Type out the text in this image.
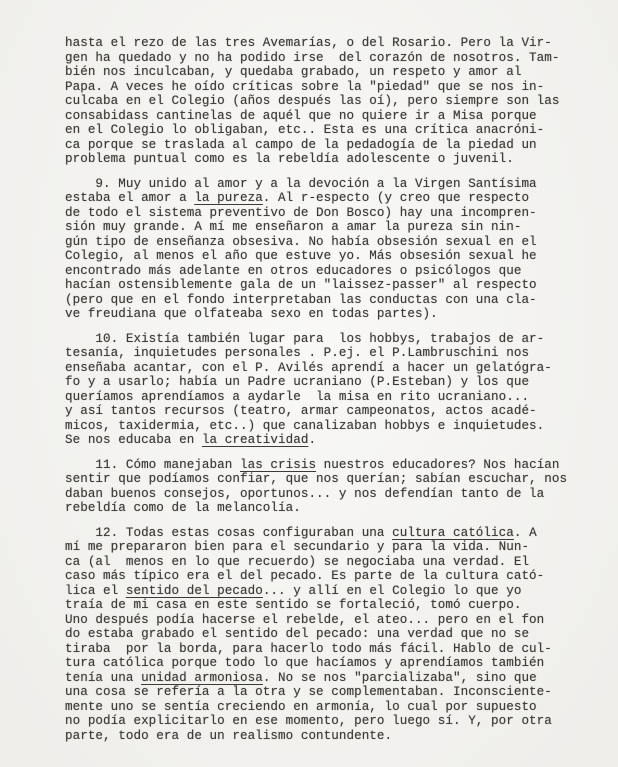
hasta el rezo de las tres Avemarías, o del Rosario. Pero la Vir-
gen ha quedado y no ha podido irse  del corazón de nosotros. Tam-
bién nos inculcaban, y quedaba grabado, un respeto y amor al
Papa. A veces he oído críticas sobre la "piedad" que se nos in-
culcaba en el Colegio (años después las oí), pero siempre son las
consabidass cantinelas de aquél que no quiere ir a Misa porque
en el Colegio lo obligaban, etc.. Esta es una crítica anacróni-
ca porque se traslada al campo de la pedadogía de la piedad un
problema puntual como es la rebeldía adolescente o juvenil.
9. Muy unido al amor y a la devoción a la Virgen Santísima
estaba el amor a la pureza. Al r-especto (y creo que respecto
de todo el sistema preventivo de Don Bosco) hay una incompren-
sión muy grande. A mí me enseñaron a amar la pureza sin nin-
gún tipo de enseñanza obsesiva. No había obsesión sexual en el
Colegio, al menos el año que estuve yo. Más obsesión sexual he
encontrado más adelante en otros educadores o psicólogos que
hacían ostensiblemente gala de un "laissez-passer" al respecto
(pero que en el fondo interpretaban las conductas con una cla-
ve freudiana que olfateaba sexo en todas partes).
10. Existía también lugar para  los hobbys, trabajos de ar-
tesanía, inquietudes personales . P.ej. el P.Lambruschini nos
enseñaba acantar, con el P. Avilés aprendí a hacer un gelatógra-
fo y a usarlo; había un Padre ucraniano (P.Esteban) y los que
queríamos aprendíamos a aydarle  la misa en rito ucraniano...
y así tantos recursos (teatro, armar campeonatos, actos acadé-
micos, taxidermia, etc..) que canalizaban hobbys e inquietudes.
Se nos educaba en la creatividad.
11. Cómo manejaban las crisis nuestros educadores? Nos hacían
sentir que podíamos confiar, que nos querían; sabían escuchar, nos
daban buenos consejos, oportunos... y nos defendían tanto de la
rebeldía como de la melancolía.
12. Todas estas cosas configuraban una cultura católica. A
mí me prepararon bien para el secundario y para la vida. Nun-
ca (al  menos en lo que recuerdo) se negociaba una verdad. El
caso más típico era el del pecado. Es parte de la cultura cató-
lica el sentido del pecado... y allí en el Colegio lo que yo
traía de mi casa en este sentido se fortaleció, tomó cuerpo.
Uno después podía hacerse el rebelde, el ateo... pero en el fon
do estaba grabado el sentido del pecado: una verdad que no se
tiraba  por la borda, para hacerlo todo más fácil. Hablo de cul-
tura católica porque todo lo que hacíamos y aprendíamos también
tenía una unidad armoniosa. No se nos "parcializaba", sino que
una cosa se refería a la otra y se complementaban. Inconsciente-
mente uno se sentía creciendo en armonía, lo cual por supuesto
no podía explicitarlo en ese momento, pero luego sí. Y, por otra
parte, todo era de un realismo contundente.
